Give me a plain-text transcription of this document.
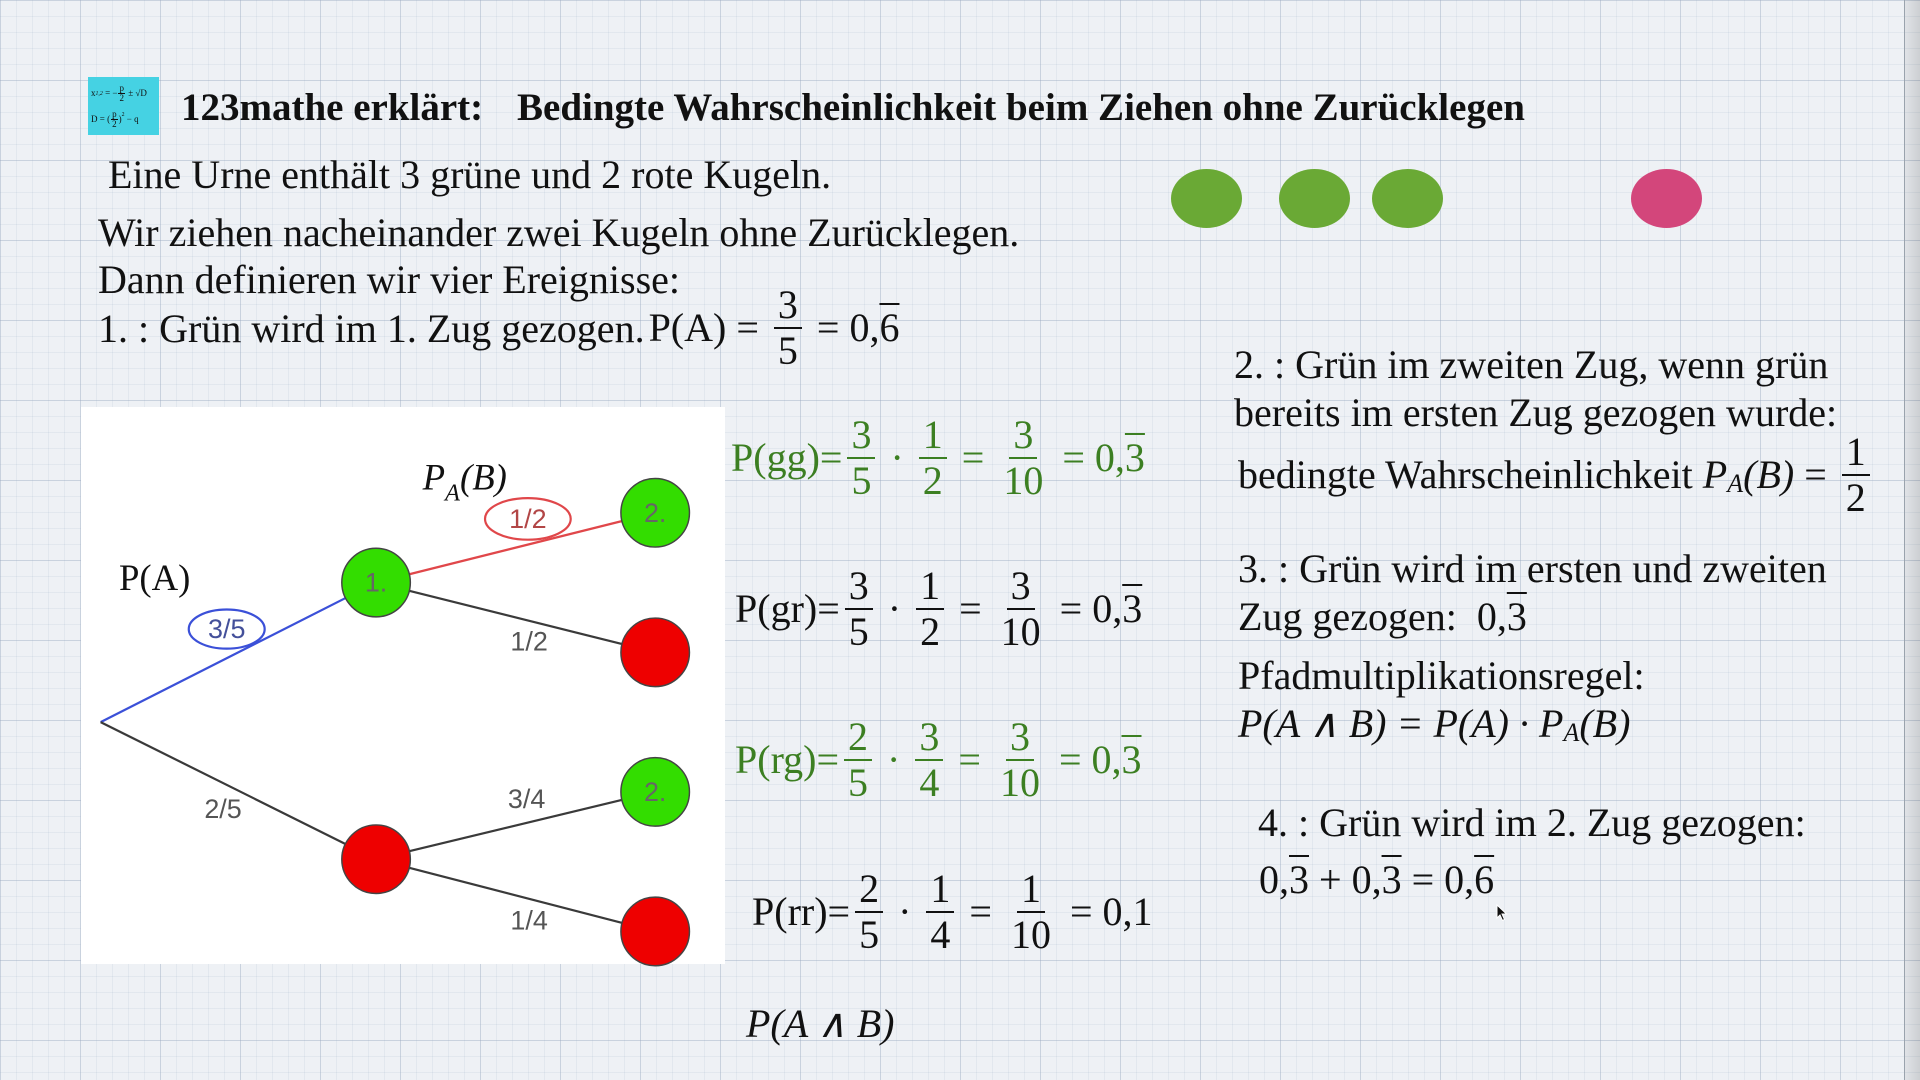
x 1,2 = − $\frac{p}{2} \pm √D$
D = ( $\frac{p}{2}$ ) 2 − q 123mathe erklärt: Bedingte Wahrscheinlichkeit beim Ziehen ohne Zurücklegen
Eine Urne enthält 3 grüne und 2 rote Kugeln.
Wir ziehen nacheinander zwei Kugeln ohne Zurücklegen.
Dann definieren wir vier Ereignisse:
1. : Grün wird im 1. Zug gezogen. $P(A) = \frac{3}{5} = 0,6$

1.
2.
2.
1/2
3/5	1/2
2/5	3/4
1/4
P(A)
$P_A(B)$

	$P(gg)= \frac{3}{5} \cdot \frac{1}{2} = \frac{3}{10} = 0,3$
$P(gr)= \frac{3}{5} \cdot \frac{1}{2} = \frac{3}{10} = 0,3$
$P(rg)= \frac{2}{5} \cdot \frac{3}{4} = \frac{3}{10} = 0,3$
$P(rr)= \frac{2}{5} \cdot \frac{1}{4} = \frac{1}{10} = 0,1$
P(A ∧ B)
2. : Grün im zweiten Zug, wenn grün
bereits im ersten Zug gezogen wurde:
bedingte Wahrscheinlichkeit P A $(B) = \frac{1}{2}$
3. : Grün wird im ersten und zweiten
Zug gezogen: 0,3
Pfadmultiplikationsregel:
P(A ∧ B) = P(A) · P A (B)
4. : Grün wird im 2. Zug gezogen:
0,3 + 0,3 = 0,6
